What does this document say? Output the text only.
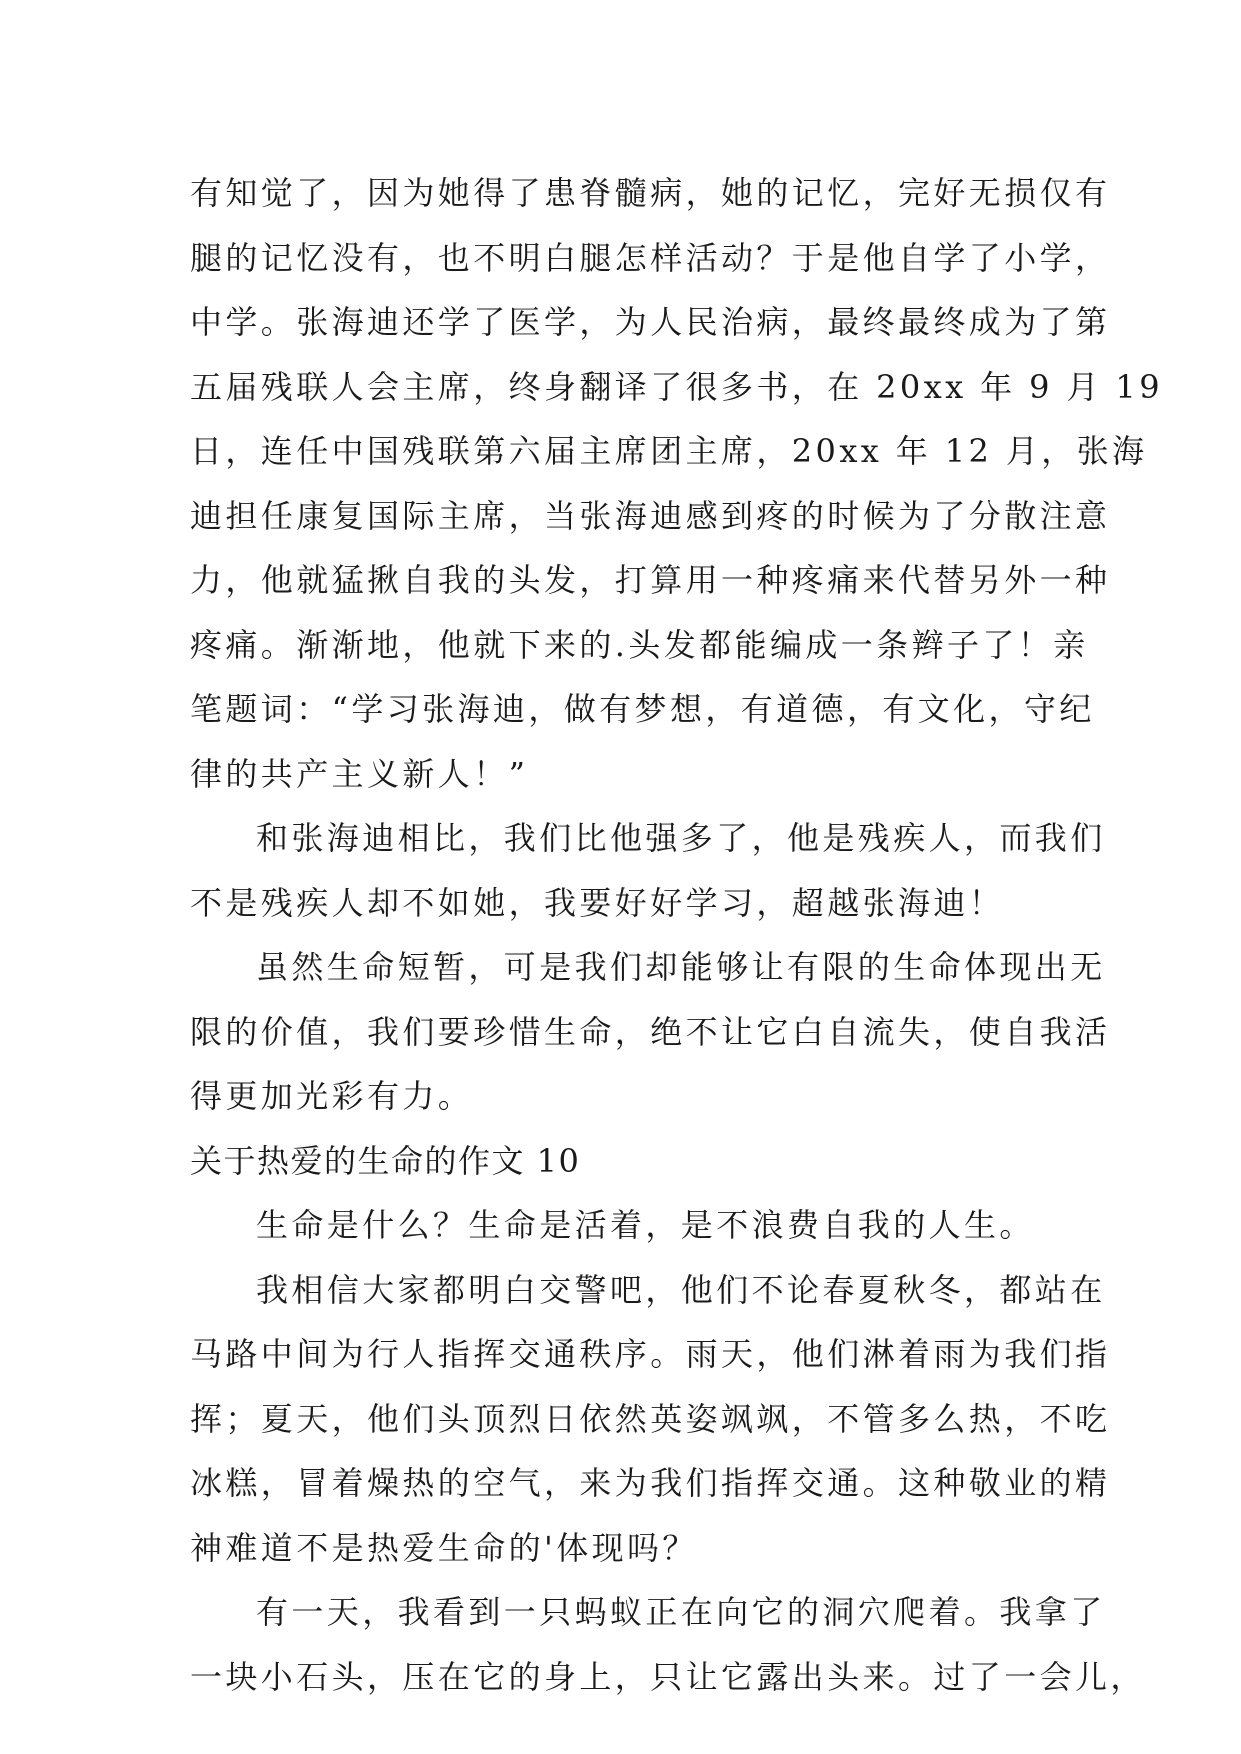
有知觉了，因为她得了患脊髓病，她的记忆，完好无损仅有

腿的记忆没有，也不明白腿怎样活动？于是他自学了小学，

中学。张海迪还学了医学，为人民治病，最终最终成为了第

五届残联人会主席，终身翻译了很多书，在 20xx 年 9 月 19

日，连任中国残联第六届主席团主席，20xx 年 12 月，张海

迪担任康复国际主席，当张海迪感到疼的时候为了分散注意

力，他就猛揪自我的头发，打算用一种疼痛来代替另外一种

疼痛。渐渐地，他就下来的.头发都能编成一条辫子了！亲

笔题词：“学习张海迪，做有梦想，有道德，有文化，守纪

律的共产主义新人！”

和张海迪相比，我们比他强多了，他是残疾人，而我们

不是残疾人却不如她，我要好好学习，超越张海迪！

虽然生命短暂，可是我们却能够让有限的生命体现出无

限的价值，我们要珍惜生命，绝不让它白自流失，使自我活

得更加光彩有力。

关于热爱的生命的作文 10

生命是什么？生命是活着，是不浪费自我的人生。

我相信大家都明白交警吧，他们不论春夏秋冬，都站在

马路中间为行人指挥交通秩序。雨天，他们淋着雨为我们指

挥；夏天，他们头顶烈日依然英姿飒飒，不管多么热，不吃

冰糕，冒着燥热的空气，来为我们指挥交通。这种敬业的精

神难道不是热爱生命的'体现吗？

有一天，我看到一只蚂蚁正在向它的洞穴爬着。我拿了

一块小石头，压在它的身上，只让它露出头来。过了一会儿，
